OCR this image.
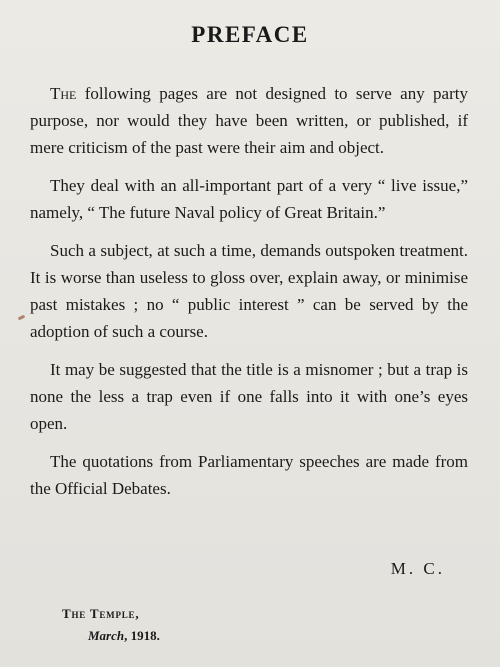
PREFACE

The following pages are not designed to serve any party purpose, nor would they have been written, or published, if mere criticism of the past were their aim and object.

They deal with an all-important part of a very “ live issue,” namely, “ The future Naval policy of Great Britain.”

Such a subject, at such a time, demands outspoken treatment. It is worse than useless to gloss over, explain away, or minimise past mistakes ; no “ public interest ” can be served by the adoption of such a course.

It may be suggested that the title is a misnomer ; but a trap is none the less a trap even if one falls into it with one’s eyes open.

The quotations from Parliamentary speeches are made from the Official Debates.

M. C.
The Temple,
March, 1918.
